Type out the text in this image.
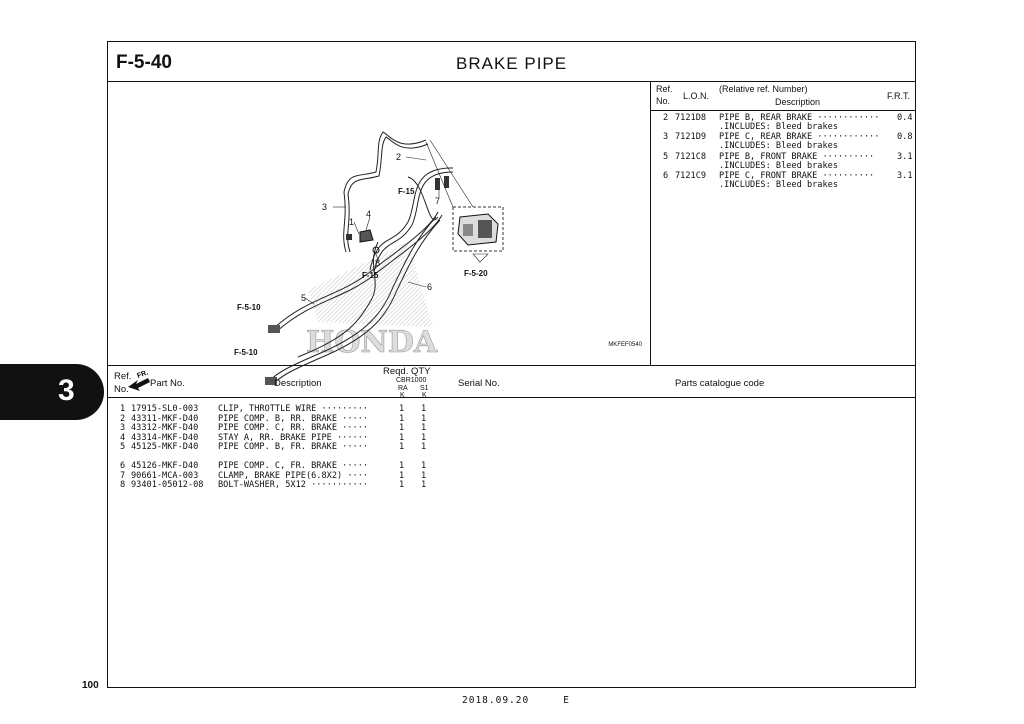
F-5-40	BRAKE PIPE
HONDA
2
3
4
1
8
7
6
5
F-15
F-15	F-5-20
F-5-10
F-5-10
FR.
MKFEF0540
Ref.
No. L.O.N.
(Relative ref. Number)
Description
F.R.T.
2 7121D8 PIPE B, REAR BRAKE ············ 0.4
.INCLUDES: Bleed brakes
3 7121D9 PIPE C, REAR BRAKE ············ 0.8
.INCLUDES: Bleed brakes
5 7121C8 PIPE B, FRONT BRAKE ··········	3.1
.INCLUDES: Bleed brakes
6 7121C9 PIPE C, FRONT BRAKE ··········	3.1
.INCLUDES: Bleed brakes
Ref.
No.
Part No.	Description
Reqd. QTY
CBR1000
RA
K
S1
K
Serial No.	Parts catalogue code
1 17915-SL0-003 CLIP, THROTTLE WIRE ·········	1 1
2 43311-MKF-D40 PIPE COMP. B, RR. BRAKE ·····	1 1
3 43312-MKF-D40 PIPE COMP. C, RR. BRAKE ·····	1 1
4 43314-MKF-D40 STAY A, RR. BRAKE PIPE ······	1 1
5 45125-MKF-D40 PIPE COMP. B, FR. BRAKE ·····	1 1
6 45126-MKF-D40 PIPE COMP. C, FR. BRAKE ·····	1 1
7 90661-MCA-003 CLAMP, BRAKE PIPE(6.8X2) ····	1 1
8 93401-05012-08 BOLT-WASHER, 5X12 ···········	1 1
3
100
2018.09.20	E
